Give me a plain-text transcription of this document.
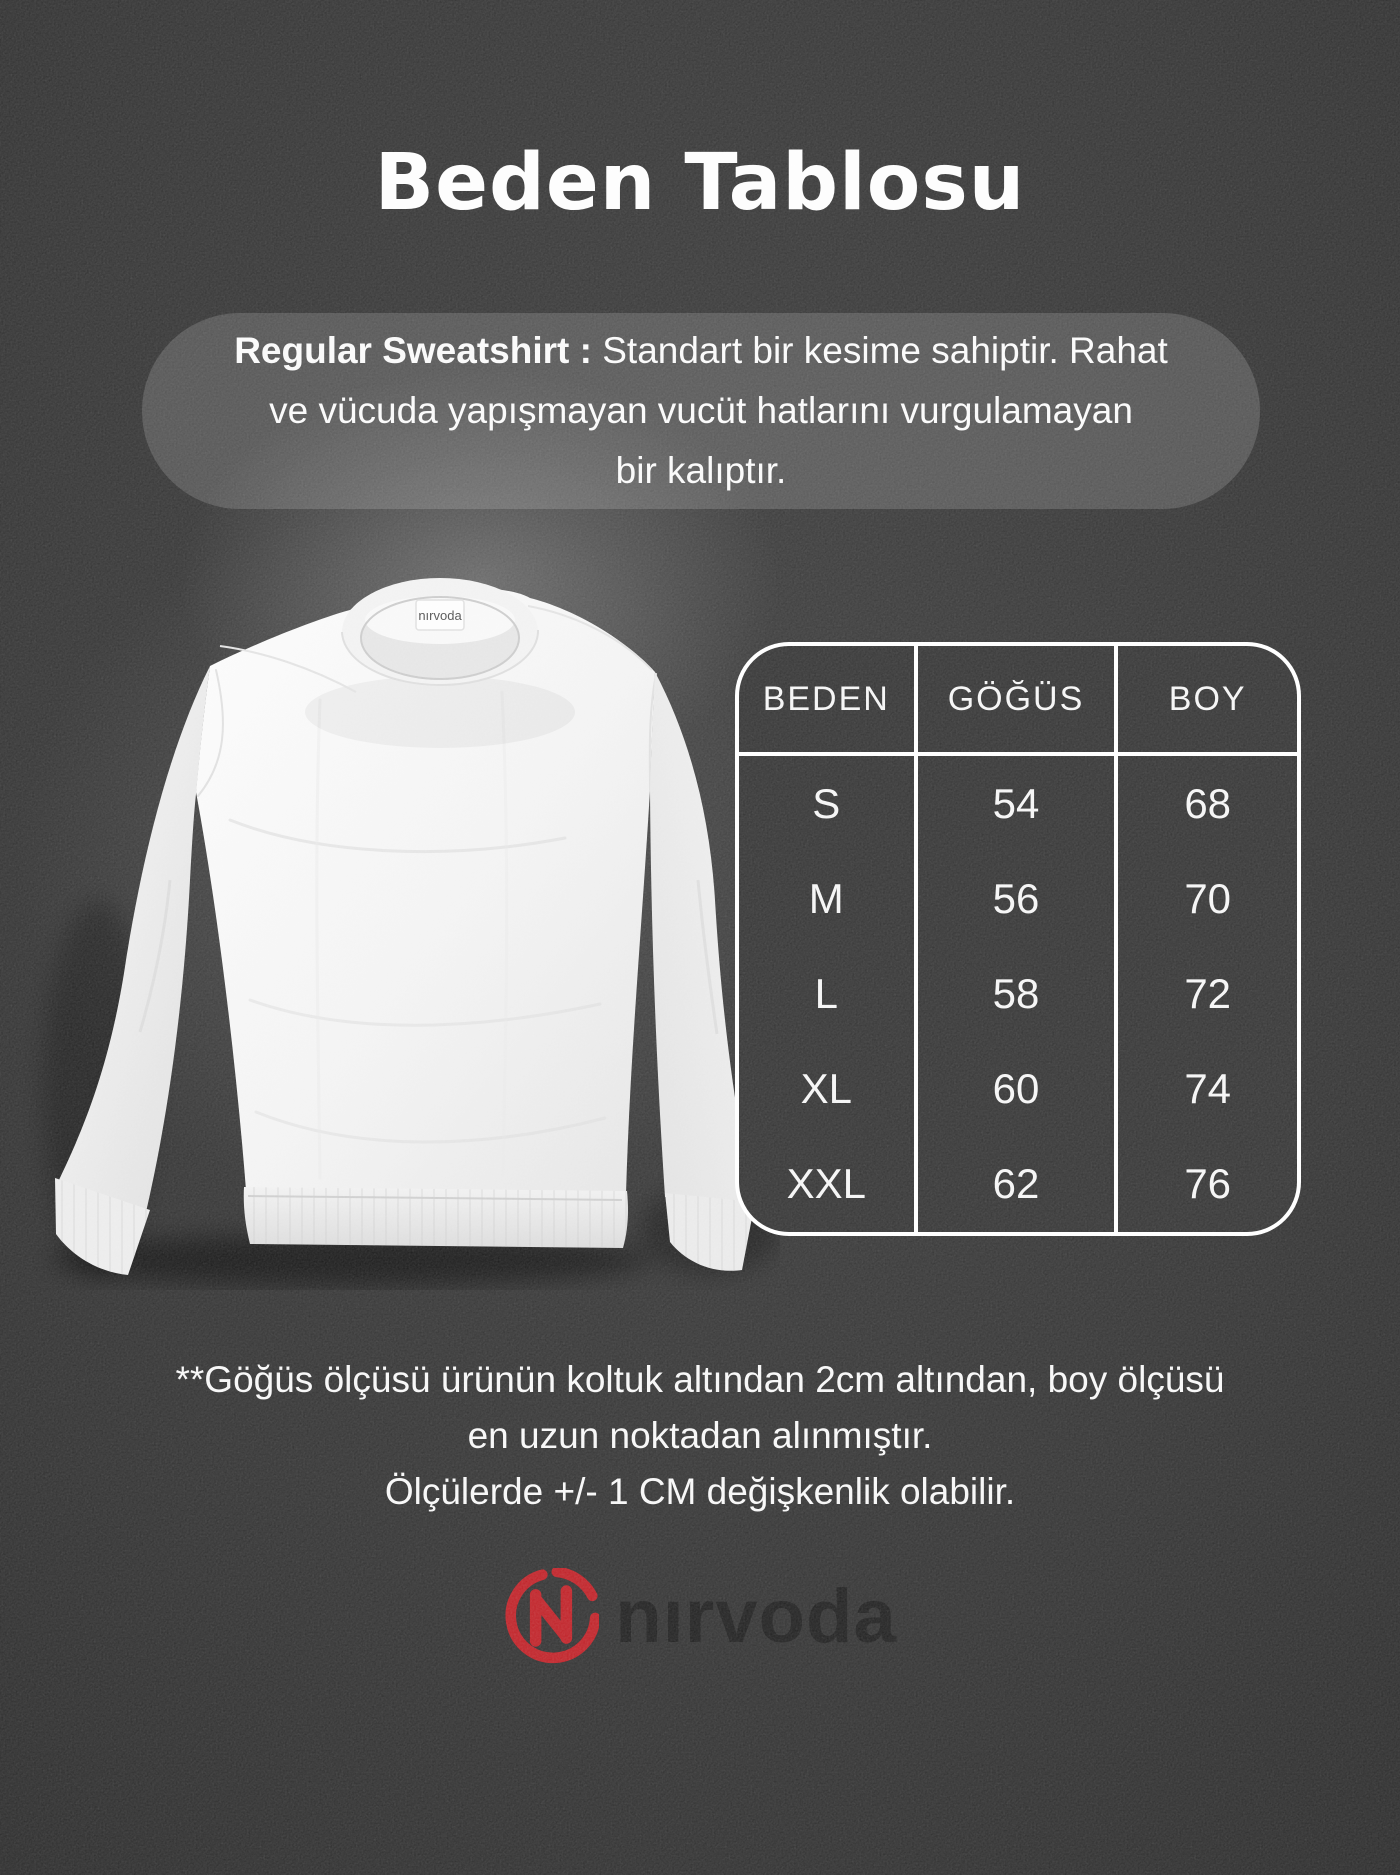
Beden Tablosu
Regular Sweatshirt : Standart bir kesime sahiptir. Rahat
ve vücuda yapışmayan vucüt hatlarını vurgulamayan
bir kalıptır.
nırvoda
BEDEN	GÖĞÜS	BOY
S	54	68
M	56	70
L	58	72
XL	60	74
XXL	62	76
**Göğüs ölçüsü ürünün koltuk altından 2cm altından, boy ölçüsü
en uzun noktadan alınmıştır.
Ölçülerde +/- 1 CM değişkenlik olabilir.
nırvoda
